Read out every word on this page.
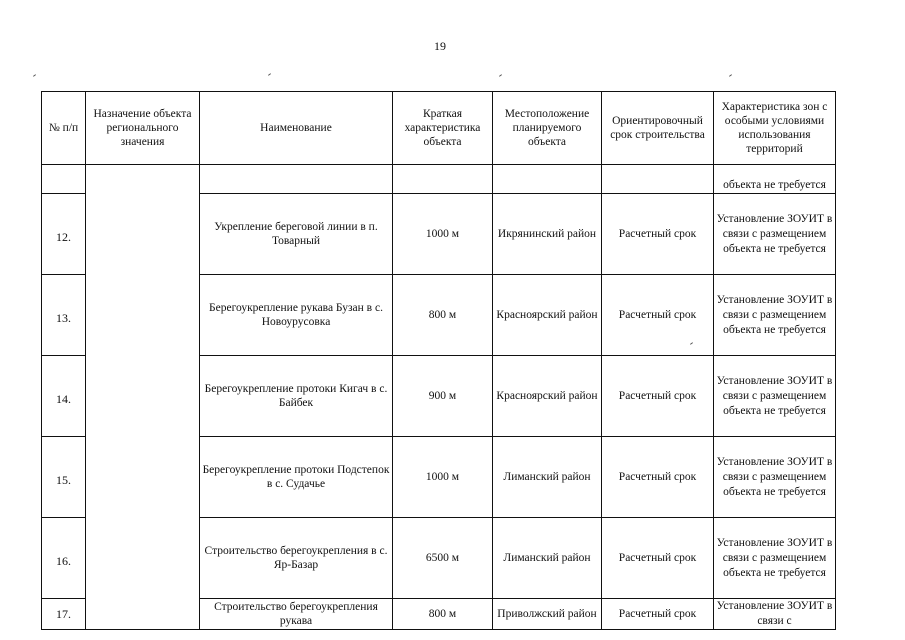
19
№ п/п	Назначение объекта регионального значения	Наименование	Краткая характеристика объекта	Местоположение планируемого объекта	Ориентировочный срок строительства	Характеристика зон с особыми условиями использования территорий
						объекта не требуется
12.		Укрепление береговой линии в п. Товарный	1000 м	Икрянинский район	Расчетный срок	Установление ЗОУИТ в связи с размещением объекта не требуется
13.		Берегоукрепление рукава Бузан в с. Новоурусовка	800 м	Красноярский район	Расчетный срок	Установление ЗОУИТ в связи с размещением объекта не требуется
14.		Берегоукрепление протоки Кигач в с. Байбек	900 м	Красноярский район	Расчетный срок	Установление ЗОУИТ в связи с размещением объекта не требуется
15.		Берегоукрепление протоки Подстепок в с. Судачье	1000 м	Лиманский район	Расчетный срок	Установление ЗОУИТ в связи с размещением объекта не требуется
16.		Строительство берегоукрепления в с. Яр-Базар	6500 м	Лиманский район	Расчетный срок	Установление ЗОУИТ в связи с размещением объекта не требуется
17.		Строительство берегоукрепления рукава	800 м	Приволжский район	Расчетный срок	Установление ЗОУИТ в связи с
